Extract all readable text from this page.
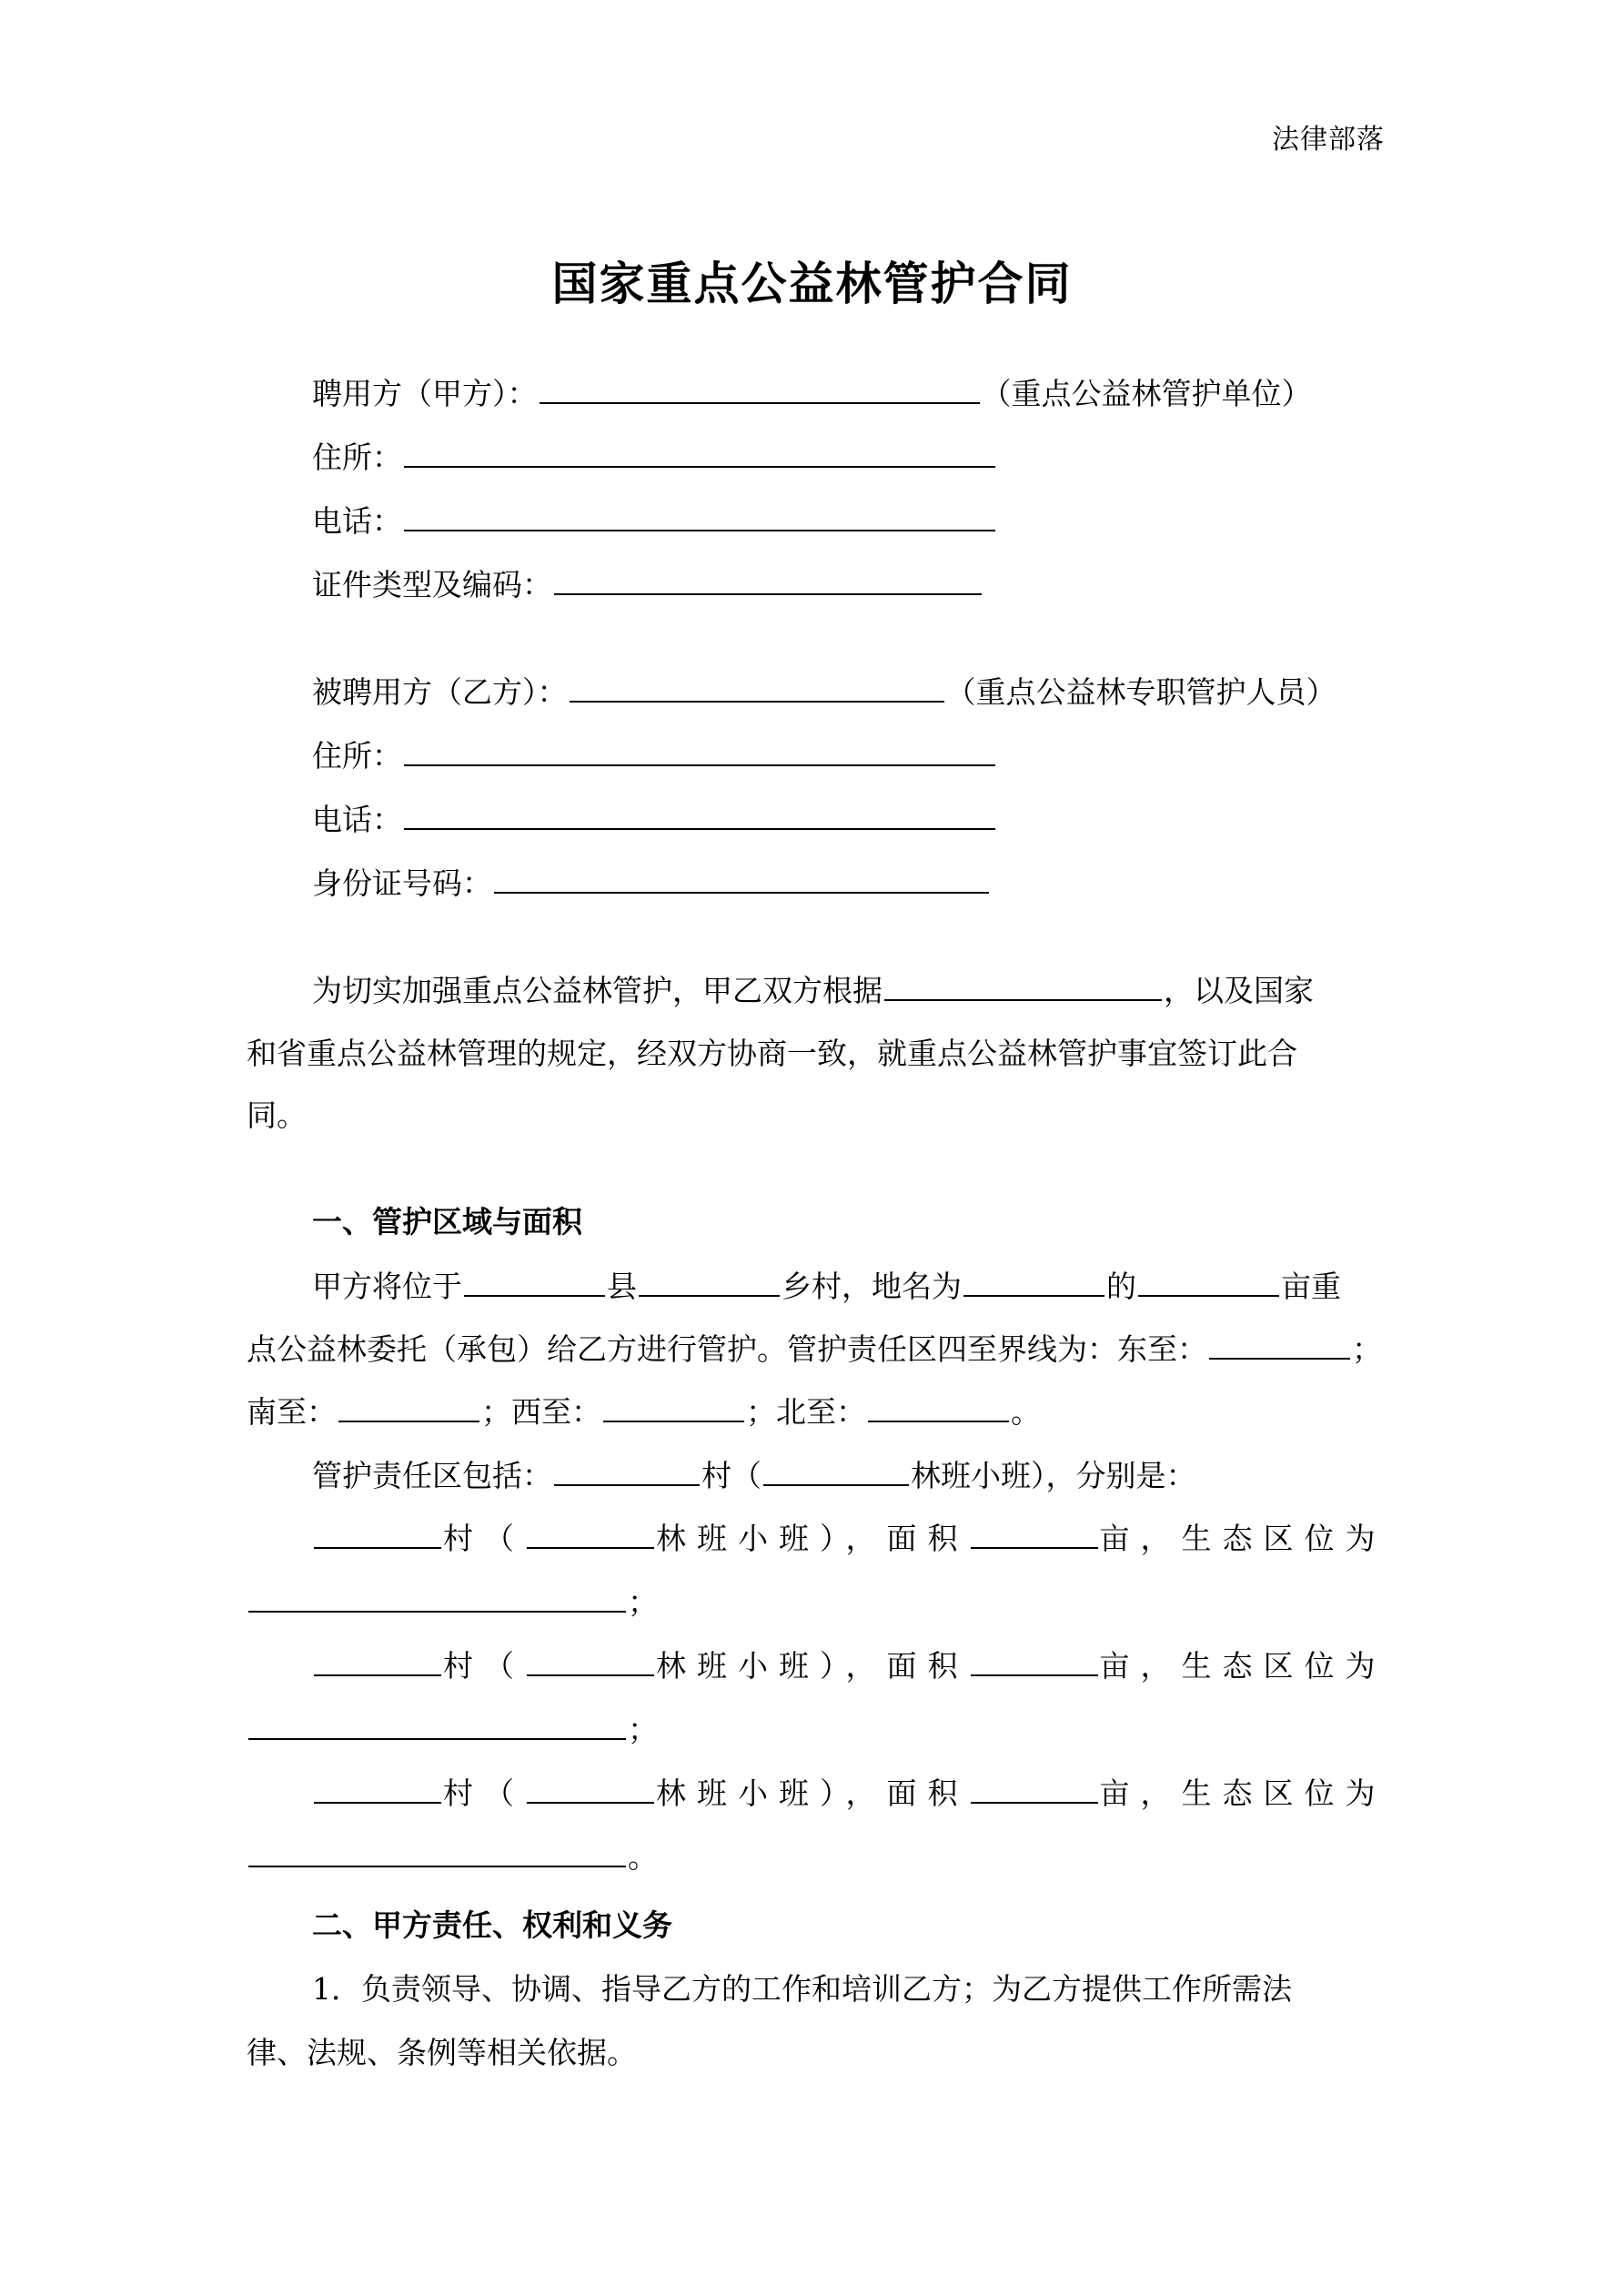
法律部落
国家重点公益林管护合同
聘用方（甲方）：	（重点公益林管护单位）
住所：
电话：
证件类型及编码：
被聘用方（乙方）：	（重点公益林专职管护人员）
住所：
电话：
身份证号码：
为切实加强重点公益林管护，甲乙双方根据	，以及国家
和省重点公益林管理的规定，经双方协商一致，就重点公益林管护事宜签订此合
同。
一、管护区域与面积
甲方将位于	县	乡村，地名为	的	亩重
点公益林委托（承包）给乙方进行管护。管护责任区四至界线为：东至：	；
南至：	；西至：	；北至：	。
管护责任区包括：	村（	林班小班），分别是：
村（	林班小班），面积	亩，生态区位为
；
村（	林班小班），面积	亩，生态区位为
；
村（	林班小班），面积	亩，生态区位为
。
二、甲方责任、权利和义务
1．负责领导、协调、指导乙方的工作和培训乙方；为乙方提供工作所需法
律、法规、条例等相关依据。
